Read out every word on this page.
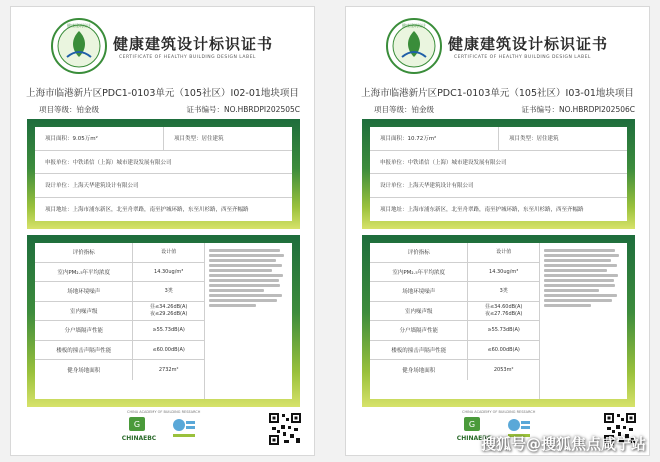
健康建筑设计
健康建筑设计标识证书
CERTIFICATE OF HEALTHY BUILDING DESIGN LABEL
上海市临港新片区PDC1-0103单元（105社区）I02-01地块项目
项目等级：铂金级	证书编号：NO.HBRDPI202505C
项目面积：9.05万m²	项目类型：居住建筑
申报单位：中铁诺信（上海）城市建设发展有限公司
设计单位：上海天华建筑设计有限公司
项目地址：上海市浦东新区，北至舟翠路，南至护城环路，东至川杉路，西至齐幅路
评价指标	设计值
室内PM₂.₅年平均浓度	14.30ug/m³
场地环境噪声	3类
室内噪声级
昼≤34.26dB(A)
夜≤29.26dB(A)
分户墙隔声性能	≥55.73dB(A)
楼板的撞击声隔声性能	≤60.00dB(A)
健身场地面积	2732m²
CHINA ACADEMY OF BUILDING RESEARCH
G
CHINAEBC
健康建筑设计
健康建筑设计标识证书
CERTIFICATE OF HEALTHY BUILDING DESIGN LABEL
上海市临港新片区PDC1-0103单元（105社区）I03-01地块项目
项目等级：铂金级	证书编号：NO.HBRDPI202506C
项目面积：10.72万m²	项目类型：居住建筑
申报单位：中铁诺信（上海）城市建设发展有限公司
设计单位：上海天华建筑设计有限公司
项目地址：上海市浦东新区，北至舟翠路，南至护城环路，东至川杉路，西至齐幅路
评价指标	设计值
室内PM₂.₅年平均浓度	14.30ug/m³
场地环境噪声	3类
室内噪声级
昼≤34.60dB(A)
夜≤27.76dB(A)
分户墙隔声性能	≥55.73dB(A)
楼板的撞击声隔声性能	≤60.00dB(A)
健身场地面积	2053m²
CHINA ACADEMY OF BUILDING RESEARCH
G
CHINAEBC
搜狐号@搜狐焦点咸宁站
